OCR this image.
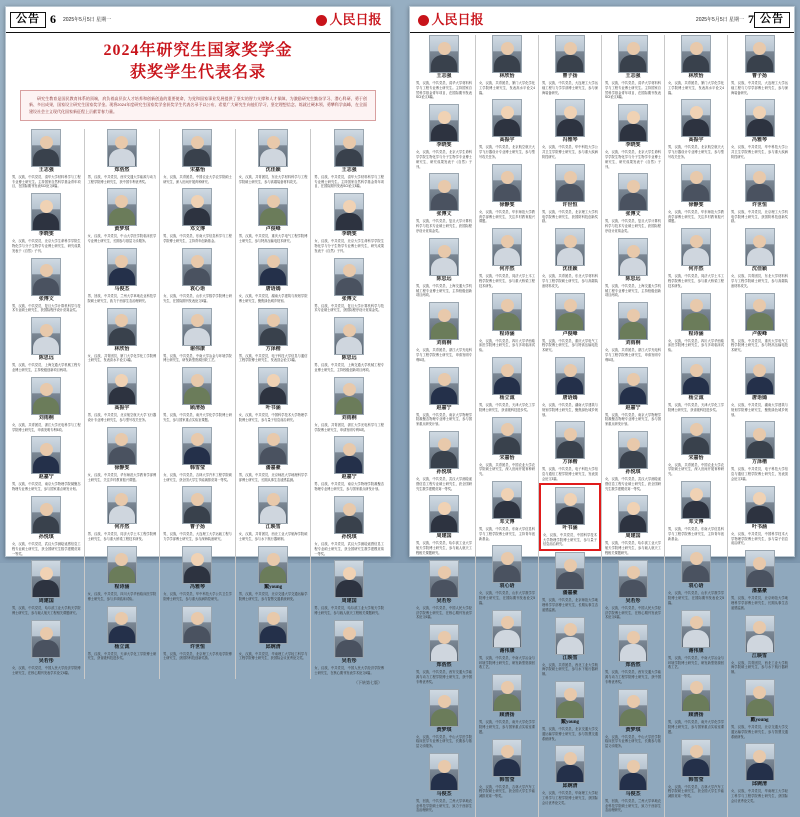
公告 6 2025年5月5日 星期一	人民日报
2024年研究生国家奖学金
获奖学生代表名录
研究生教育是国民教育体系的顶端，肩负着高层次人才培养和创新创造的重要使命，为党和国家事业发展提供了坚实的智力支撑和人才保障。为激励研究生勤奋学习、潜心科研、勇于创新、多出成果，国家设立研究生国家奖学金。现将2024年度研究生国家奖学金获奖学生代表名录予以公布，希望广大研究生向他们学习，坚定理想信念、练就过硬本领、勇攀科学高峰，在全面建设社会主义现代化国家新征程上贡献青春力量。
王志强
男，汉族，中共党员，清华大学材料科学与工程专业博士研究生。主持国家自然科学基金青年项目，在国际期刊发表SCI论文8篇。
李晓雯
女，汉族，中共党员，北京大学生命科学学院生物化学与分子生物学专业博士研究生，研究成果发表于《自然》子刊。
张博文
男，汉族，中共党员，复旦大学计算机科学与技术专业硕士研究生，获国际程序设计竞赛金奖。
陈思远
男，汉族，中共党员，上海交通大学机械工程专业博士研究生，主持校级创新项目两项。
刘雨桐
女，汉族，共青团员，浙江大学光电科学与工程学院博士研究生，申请发明专利5项。
赵嘉宁
男，汉族，中共党员，南京大学物理学院凝聚态物理专业博士研究生，参与国家重点研发计划。
孙悦琪
女，汉族，中共党员，武汉大学测绘遥感信息工程专业硕士研究生，获全国研究生数学建模竞赛一等奖。
周建国
男，汉族，中共党员，哈尔滨工业大学航天学院博士研究生，参与载人航天工程相关课题研究。
吴若彤
女，汉族，中共党员，中国人民大学经济学院博士研究生，在核心期刊发表学术论文6篇。
郑浩然
男，汉族，中共党员，西安交通大学能源与动力工程学院博士研究生，获中国专利优秀奖。
黄梦琪
女，汉族，中共党员，中山大学医学院临床医学专业博士研究生，长期参与基层义诊服务。
马俊杰
男，回族，中共党员，兰州大学草地农业科技学院硕士研究生，致力于西部生态治理研究。
林欣怡
女，汉族，共青团员，厦门大学化学化工学院博士研究生，发表高水平论文4篇。
高振宇
男，汉族，中共党员，北京航空航天大学飞行器设计专业博士研究生，参与型号攻关任务。
徐静雯
女，汉族，中共党员，华东师范大学教育学部博士研究生，关注乡村教育振兴课题。
何亦然
男，汉族，中共党员，同济大学土木工程学院博士研究生，参与重大桥梁工程技术研发。
程诗涵
女，汉族，中共党员，四川大学华西临床医学院博士研究生，参与多项临床试验。
杨立诚
男，汉族，中共党员，天津大学化工学院博士研究生，获省级科技进步奖。
宋嘉怡
女，汉族，共青团员，中国农业大学农学院硕士研究生，深入田间开展育种研究。
邓文博
男，汉族，中共党员，东南大学信息科学与工程学院博士研究生，主持青年创新基金。
袁心语
女，汉族，中共党员，山东大学数学学院博士研究生，在国际期刊发表论文5篇。
谢伟康
男，汉族，中共党员，中南大学冶金与环境学院博士研究生，研发新型资源回收工艺。
顾清扬
男，汉族，中共党员，南开大学化学学院博士研究生，参与国家重点实验室课题。
韩雪莹
女，汉族，中共党员，吉林大学汽车工程学院硕士研究生，获全国大学生节能减排竞赛一等奖。
曹子扬
男，汉族，中共党员，大连理工大学运载工程与力学学部博士研究生，参与深海装备研究。
冯雅琴
女，汉族，中共党员，华中科技大学公共卫生学院博士研究生，参与重大疾病防控研究。
许世恒
男，汉族，中共党员，北京理工大学机电学院博士研究生，获国防科技创新奖励。
沈佳颖
女，汉族，共青团员，东北大学材料科学与工程学院硕士研究生，参与高端装备材料攻关。
卢俊峰
男，汉族，中共党员，重庆大学电气工程学院博士研究生，参与特高压输电技术研究。
唐语嫣
女，汉族，中共党员，湖南大学建筑与规划学院博士研究生，聚焦绿色城乡规划。
方泽楷
男，汉族，中共党员，电子科技大学信息与通信工程学院博士研究生，发表顶会论文3篇。
叶书涵
女，汉族，中共党员，中国科学技术大学物理学院博士研究生，参与量子信息前沿研究。
潘嘉豪
男，汉族，中共党员，北京师范大学地理科学学部博士研究生，长期从事生态遥感监测。
江映雪
女，汉族，共青团员，西北工业大学航海学院硕士研究生，参与水下航行器研制。
戴young
男，汉族，中共党员，北京交通大学交通运输学院博士研究生，参与智慧交通系统研发。
邱婉清
女，汉族，中共党员，华南理工大学轻工科学与工程学院博士研究生，获国际会议优秀论文奖。
王志强
男，汉族，中共党员，清华大学材料科学与工程专业博士研究生。主持国家自然科学基金青年项目，在国际期刊发表SCI论文8篇。
李晓雯
女，汉族，中共党员，北京大学生命科学学院生物化学与分子生物学专业博士研究生，研究成果发表于《自然》子刊。
张博文
男，汉族，中共党员，复旦大学计算机科学与技术专业硕士研究生，获国际程序设计竞赛金奖。
陈思远
男，汉族，中共党员，上海交通大学机械工程专业博士研究生，主持校级创新项目两项。
刘雨桐
女，汉族，共青团员，浙江大学光电科学与工程学院博士研究生，申请发明专利5项。
赵嘉宁
男，汉族，中共党员，南京大学物理学院凝聚态物理专业博士研究生，参与国家重点研发计划。
孙悦琪
女，汉族，中共党员，武汉大学测绘遥感信息工程专业硕士研究生，获全国研究生数学建模竞赛一等奖。
周建国
男，汉族，中共党员，哈尔滨工业大学航天学院博士研究生，参与载人航天工程相关课题研究。
吴若彤
女，汉族，中共党员，中国人民大学经济学院博士研究生，在核心期刊发表学术论文6篇。
（下转第七版）
人民日报	2025年5月5日 星期一 7 公告
王志强
男，汉族，中共党员，清华大学材料科学与工程专业博士研究生。主持国家自然科学基金青年项目，在国际期刊发表SCI论文8篇。
李晓雯
女，汉族，中共党员，北京大学生命科学学院生物化学与分子生物学专业博士研究生，研究成果发表于《自然》子刊。
张博文
男，汉族，中共党员，复旦大学计算机科学与技术专业硕士研究生，获国际程序设计竞赛金奖。
陈思远
男，汉族，中共党员，上海交通大学机械工程专业博士研究生，主持校级创新项目两项。
刘雨桐
女，汉族，共青团员，浙江大学光电科学与工程学院博士研究生，申请发明专利5项。
赵嘉宁
男，汉族，中共党员，南京大学物理学院凝聚态物理专业博士研究生，参与国家重点研发计划。
孙悦琪
女，汉族，中共党员，武汉大学测绘遥感信息工程专业硕士研究生，获全国研究生数学建模竞赛一等奖。
周建国
男，汉族，中共党员，哈尔滨工业大学航天学院博士研究生，参与载人航天工程相关课题研究。
吴若彤
女，汉族，中共党员，中国人民大学经济学院博士研究生，在核心期刊发表学术论文6篇。
郑浩然
男，汉族，中共党员，西安交通大学能源与动力工程学院博士研究生，获中国专利优秀奖。
黄梦琪
女，汉族，中共党员，中山大学医学院临床医学专业博士研究生，长期参与基层义诊服务。
马俊杰
男，回族，中共党员，兰州大学草地农业科技学院硕士研究生，致力于西部生态治理研究。
林欣怡
女，汉族，共青团员，厦门大学化学化工学院博士研究生，发表高水平论文4篇。
高振宇
男，汉族，中共党员，北京航空航天大学飞行器设计专业博士研究生，参与型号攻关任务。
徐静雯
女，汉族，中共党员，华东师范大学教育学部博士研究生，关注乡村教育振兴课题。
何亦然
男，汉族，中共党员，同济大学土木工程学院博士研究生，参与重大桥梁工程技术研发。
程诗涵
女，汉族，中共党员，四川大学华西临床医学院博士研究生，参与多项临床试验。
杨立诚
男，汉族，中共党员，天津大学化工学院博士研究生，获省级科技进步奖。
宋嘉怡
女，汉族，共青团员，中国农业大学农学院硕士研究生，深入田间开展育种研究。
邓文博
男，汉族，中共党员，东南大学信息科学与工程学院博士研究生，主持青年创新基金。
袁心语
女，汉族，中共党员，山东大学数学学院博士研究生，在国际期刊发表论文5篇。
谢伟康
男，汉族，中共党员，中南大学冶金与环境学院博士研究生，研发新型资源回收工艺。
顾清扬
男，汉族，中共党员，南开大学化学学院博士研究生，参与国家重点实验室课题。
韩雪莹
女，汉族，中共党员，吉林大学汽车工程学院硕士研究生，获全国大学生节能减排竞赛一等奖。
曹子扬
男，汉族，中共党员，大连理工大学运载工程与力学学部博士研究生，参与深海装备研究。
冯雅琴
女，汉族，中共党员，华中科技大学公共卫生学院博士研究生，参与重大疾病防控研究。
许世恒
男，汉族，中共党员，北京理工大学机电学院博士研究生，获国防科技创新奖励。
沈佳颖
女，汉族，共青团员，东北大学材料科学与工程学院硕士研究生，参与高端装备材料攻关。
卢俊峰
男，汉族，中共党员，重庆大学电气工程学院博士研究生，参与特高压输电技术研究。
唐语嫣
女，汉族，中共党员，湖南大学建筑与规划学院博士研究生，聚焦绿色城乡规划。
方泽楷
男，汉族，中共党员，电子科技大学信息与通信工程学院博士研究生，发表顶会论文3篇。
叶书涵
女，汉族，中共党员，中国科学技术大学物理学院博士研究生，参与量子信息前沿研究。
潘嘉豪
男，汉族，中共党员，北京师范大学地理科学学部博士研究生，长期从事生态遥感监测。
江映雪
女，汉族，共青团员，西北工业大学航海学院硕士研究生，参与水下航行器研制。
戴young
男，汉族，中共党员，北京交通大学交通运输学院博士研究生，参与智慧交通系统研发。
邱婉清
女，汉族，中共党员，华南理工大学轻工科学与工程学院博士研究生，获国际会议优秀论文奖。
王志强
男，汉族，中共党员，清华大学材料科学与工程专业博士研究生。主持国家自然科学基金青年项目，在国际期刊发表SCI论文8篇。
李晓雯
女，汉族，中共党员，北京大学生命科学学院生物化学与分子生物学专业博士研究生，研究成果发表于《自然》子刊。
张博文
男，汉族，中共党员，复旦大学计算机科学与技术专业硕士研究生，获国际程序设计竞赛金奖。
陈思远
男，汉族，中共党员，上海交通大学机械工程专业博士研究生，主持校级创新项目两项。
刘雨桐
女，汉族，共青团员，浙江大学光电科学与工程学院博士研究生，申请发明专利5项。
赵嘉宁
男，汉族，中共党员，南京大学物理学院凝聚态物理专业博士研究生，参与国家重点研发计划。
孙悦琪
女，汉族，中共党员，武汉大学测绘遥感信息工程专业硕士研究生，获全国研究生数学建模竞赛一等奖。
周建国
男，汉族，中共党员，哈尔滨工业大学航天学院博士研究生，参与载人航天工程相关课题研究。
吴若彤
女，汉族，中共党员，中国人民大学经济学院博士研究生，在核心期刊发表学术论文6篇。
郑浩然
男，汉族，中共党员，西安交通大学能源与动力工程学院博士研究生，获中国专利优秀奖。
黄梦琪
女，汉族，中共党员，中山大学医学院临床医学专业博士研究生，长期参与基层义诊服务。
马俊杰
男，回族，中共党员，兰州大学草地农业科技学院硕士研究生，致力于西部生态治理研究。
林欣怡
女，汉族，共青团员，厦门大学化学化工学院博士研究生，发表高水平论文4篇。
高振宇
男，汉族，中共党员，北京航空航天大学飞行器设计专业博士研究生，参与型号攻关任务。
徐静雯
女，汉族，中共党员，华东师范大学教育学部博士研究生，关注乡村教育振兴课题。
何亦然
男，汉族，中共党员，同济大学土木工程学院博士研究生，参与重大桥梁工程技术研发。
程诗涵
女，汉族，中共党员，四川大学华西临床医学院博士研究生，参与多项临床试验。
杨立诚
男，汉族，中共党员，天津大学化工学院博士研究生，获省级科技进步奖。
宋嘉怡
女，汉族，共青团员，中国农业大学农学院硕士研究生，深入田间开展育种研究。
邓文博
男，汉族，中共党员，东南大学信息科学与工程学院博士研究生，主持青年创新基金。
袁心语
女，汉族，中共党员，山东大学数学学院博士研究生，在国际期刊发表论文5篇。
谢伟康
男，汉族，中共党员，中南大学冶金与环境学院博士研究生，研发新型资源回收工艺。
顾清扬
男，汉族，中共党员，南开大学化学学院博士研究生，参与国家重点实验室课题。
韩雪莹
女，汉族，中共党员，吉林大学汽车工程学院硕士研究生，获全国大学生节能减排竞赛一等奖。
曹子扬
男，汉族，中共党员，大连理工大学运载工程与力学学部博士研究生，参与深海装备研究。
冯雅琴
女，汉族，中共党员，华中科技大学公共卫生学院博士研究生，参与重大疾病防控研究。
许世恒
男，汉族，中共党员，北京理工大学机电学院博士研究生，获国防科技创新奖励。
沈佳颖
女，汉族，共青团员，东北大学材料科学与工程学院硕士研究生，参与高端装备材料攻关。
卢俊峰
男，汉族，中共党员，重庆大学电气工程学院博士研究生，参与特高压输电技术研究。
唐语嫣
女，汉族，中共党员，湖南大学建筑与规划学院博士研究生，聚焦绿色城乡规划。
方泽楷
男，汉族，中共党员，电子科技大学信息与通信工程学院博士研究生，发表顶会论文3篇。
叶书涵
女，汉族，中共党员，中国科学技术大学物理学院博士研究生，参与量子信息前沿研究。
潘嘉豪
男，汉族，中共党员，北京师范大学地理科学学部博士研究生，长期从事生态遥感监测。
江映雪
女，汉族，共青团员，西北工业大学航海学院硕士研究生，参与水下航行器研制。
戴young
男，汉族，中共党员，北京交通大学交通运输学院博士研究生，参与智慧交通系统研发。
邱婉清
女，汉族，中共党员，华南理工大学轻工科学与工程学院博士研究生，获国际会议优秀论文奖。
